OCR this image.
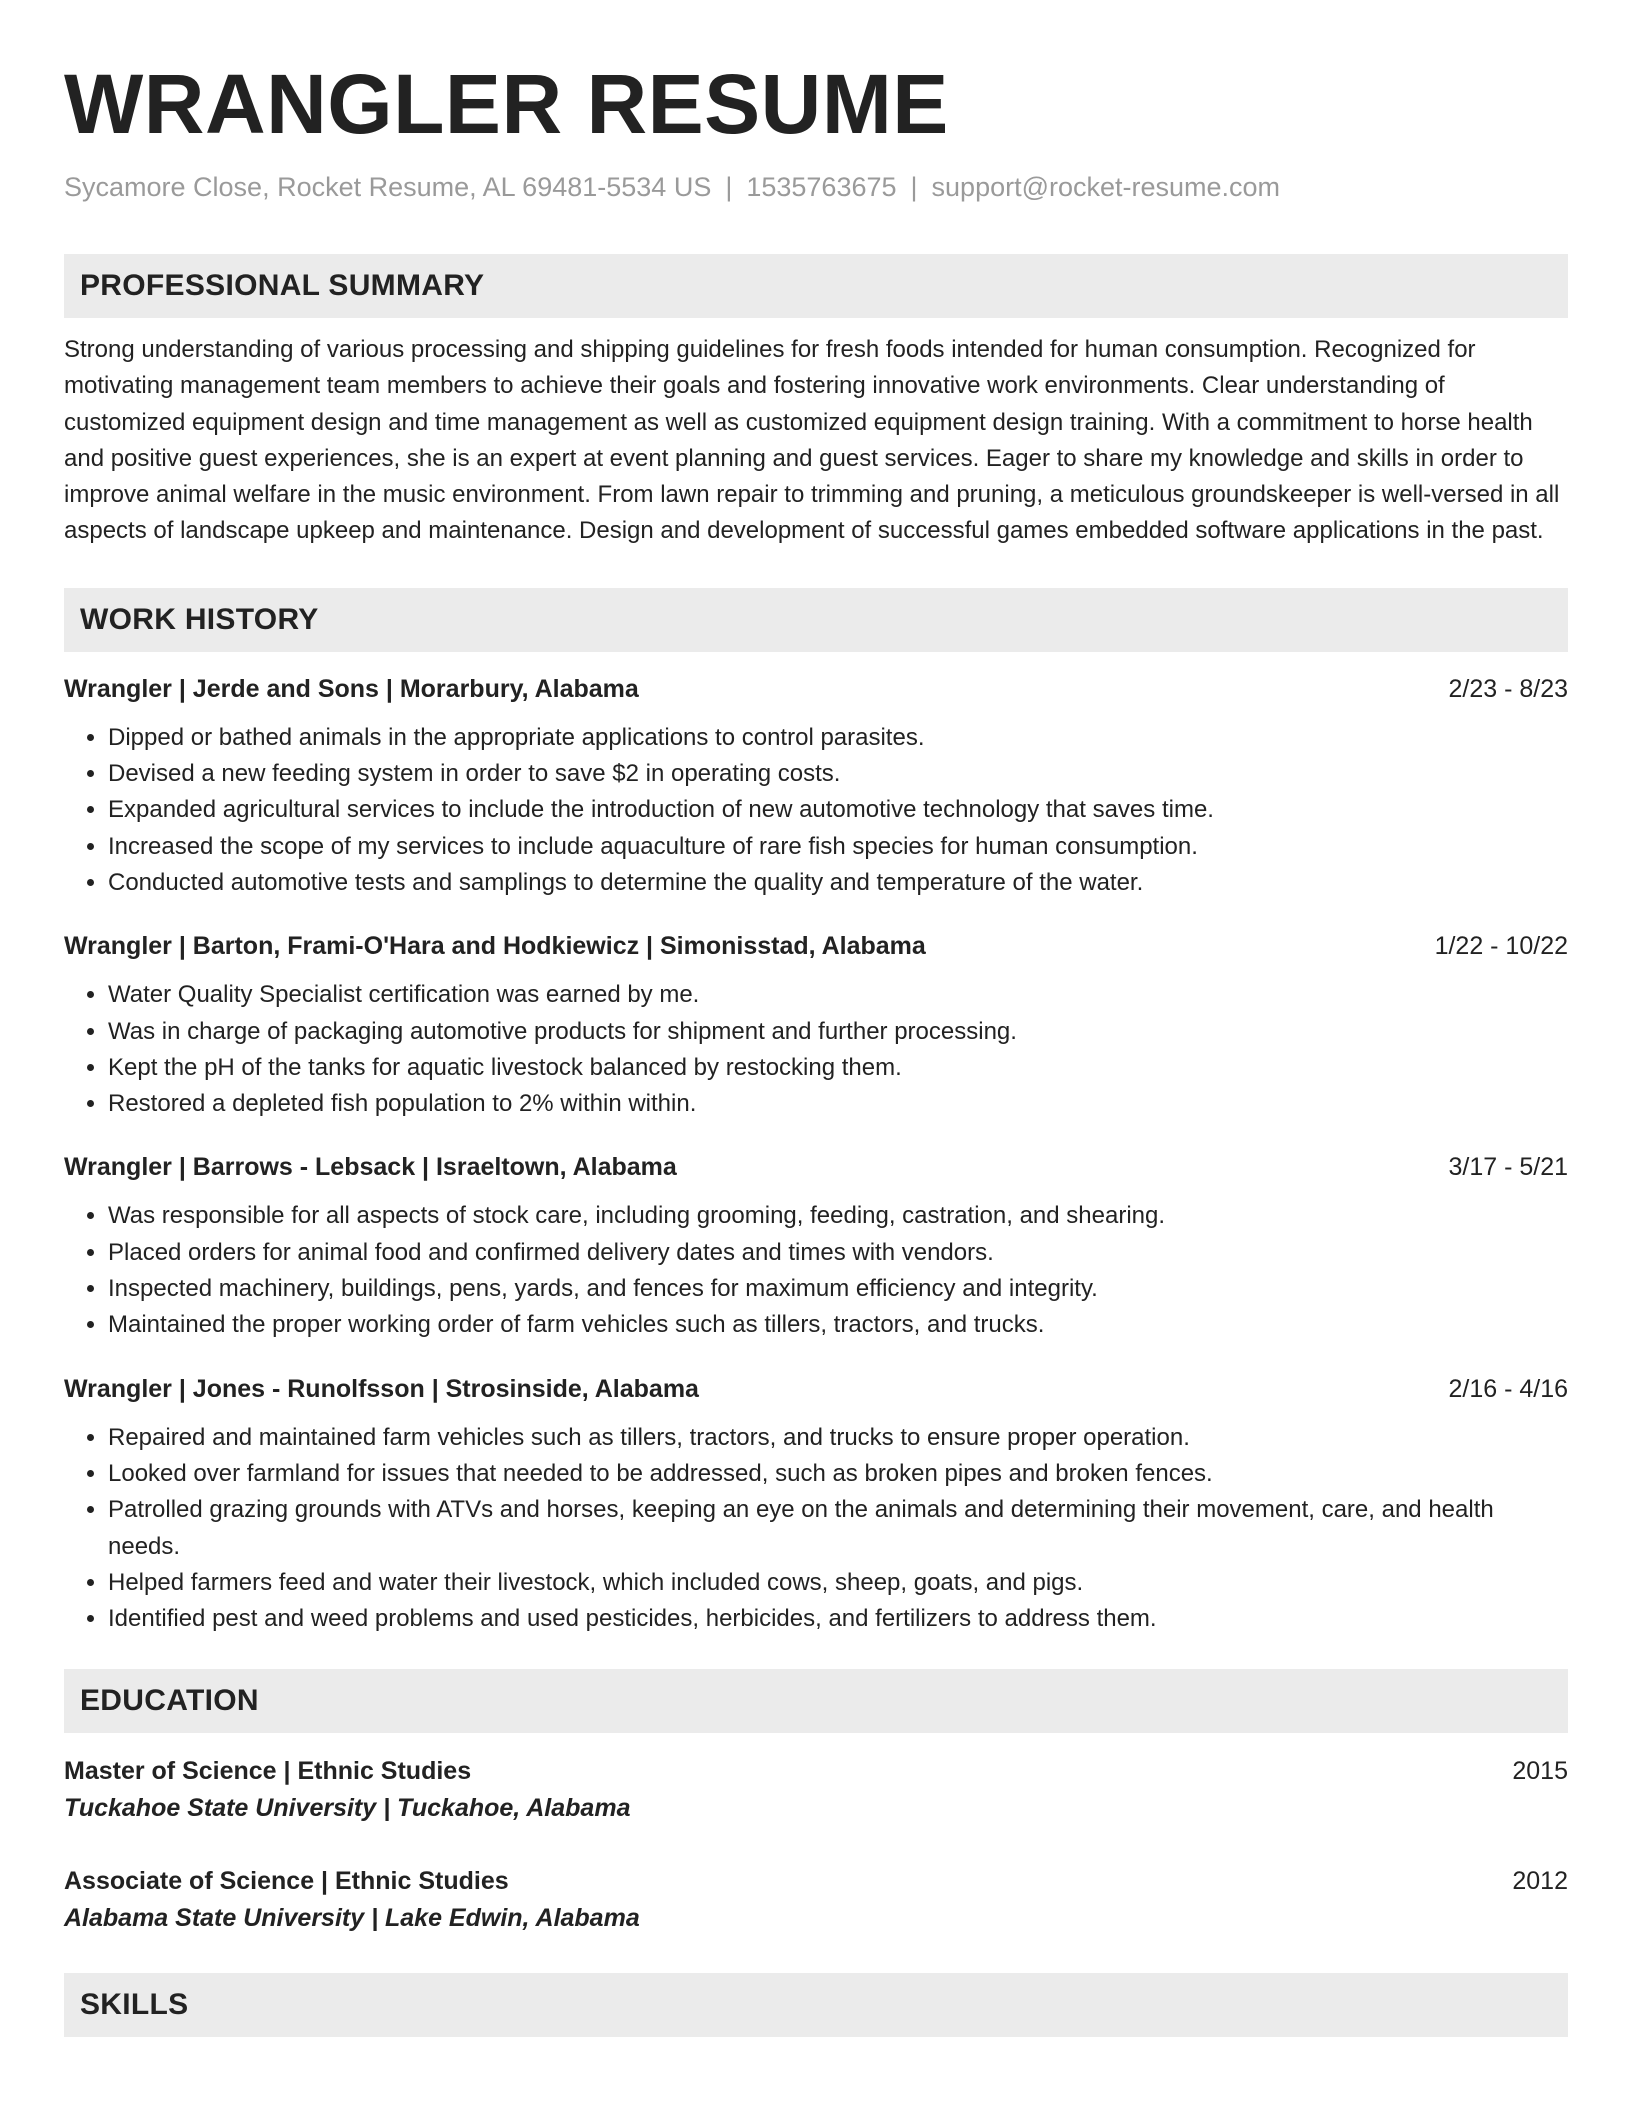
WRANGLER RESUME
Sycamore Close, Rocket Resume, AL 69481-5534 US | 1535763675 | support@rocket-resume.com
PROFESSIONAL SUMMARY
Strong understanding of various processing and shipping guidelines for fresh foods intended for human consumption. Recognized for motivating management team members to achieve their goals and fostering innovative work environments. Clear understanding of customized equipment design and time management as well as customized equipment design training. With a commitment to horse health and positive guest experiences, she is an expert at event planning and guest services. Eager to share my knowledge and skills in order to improve animal welfare in the music environment. From lawn repair to trimming and pruning, a meticulous groundskeeper is well-versed in all aspects of landscape upkeep and maintenance. Design and development of successful games embedded software applications in the past.
WORK HISTORY
Wrangler | Jerde and Sons | Morarbury, Alabama	2/23 - 8/23
• Dipped or bathed animals in the appropriate applications to control parasites.
• Devised a new feeding system in order to save $2 in operating costs.
• Expanded agricultural services to include the introduction of new automotive technology that saves time.
• Increased the scope of my services to include aquaculture of rare fish species for human consumption.
• Conducted automotive tests and samplings to determine the quality and temperature of the water.
Wrangler | Barton, Frami-O'Hara and Hodkiewicz | Simonisstad, Alabama	1/22 - 10/22
• Water Quality Specialist certification was earned by me.
• Was in charge of packaging automotive products for shipment and further processing.
• Kept the pH of the tanks for aquatic livestock balanced by restocking them.
• Restored a depleted fish population to 2% within within.
Wrangler | Barrows - Lebsack | Israeltown, Alabama	3/17 - 5/21
• Was responsible for all aspects of stock care, including grooming, feeding, castration, and shearing.
• Placed orders for animal food and confirmed delivery dates and times with vendors.
• Inspected machinery, buildings, pens, yards, and fences for maximum efficiency and integrity.
• Maintained the proper working order of farm vehicles such as tillers, tractors, and trucks.
Wrangler | Jones - Runolfsson | Strosinside, Alabama	2/16 - 4/16
• Repaired and maintained farm vehicles such as tillers, tractors, and trucks to ensure proper operation.
• Looked over farmland for issues that needed to be addressed, such as broken pipes and broken fences.
• Patrolled grazing grounds with ATVs and horses, keeping an eye on the animals and determining their movement, care, and health needs.
• Helped farmers feed and water their livestock, which included cows, sheep, goats, and pigs.
• Identified pest and weed problems and used pesticides, herbicides, and fertilizers to address them.
EDUCATION
Master of Science | Ethnic Studies	2015
Tuckahoe State University | Tuckahoe, Alabama
Associate of Science | Ethnic Studies	2012
Alabama State University | Lake Edwin, Alabama
SKILLS
